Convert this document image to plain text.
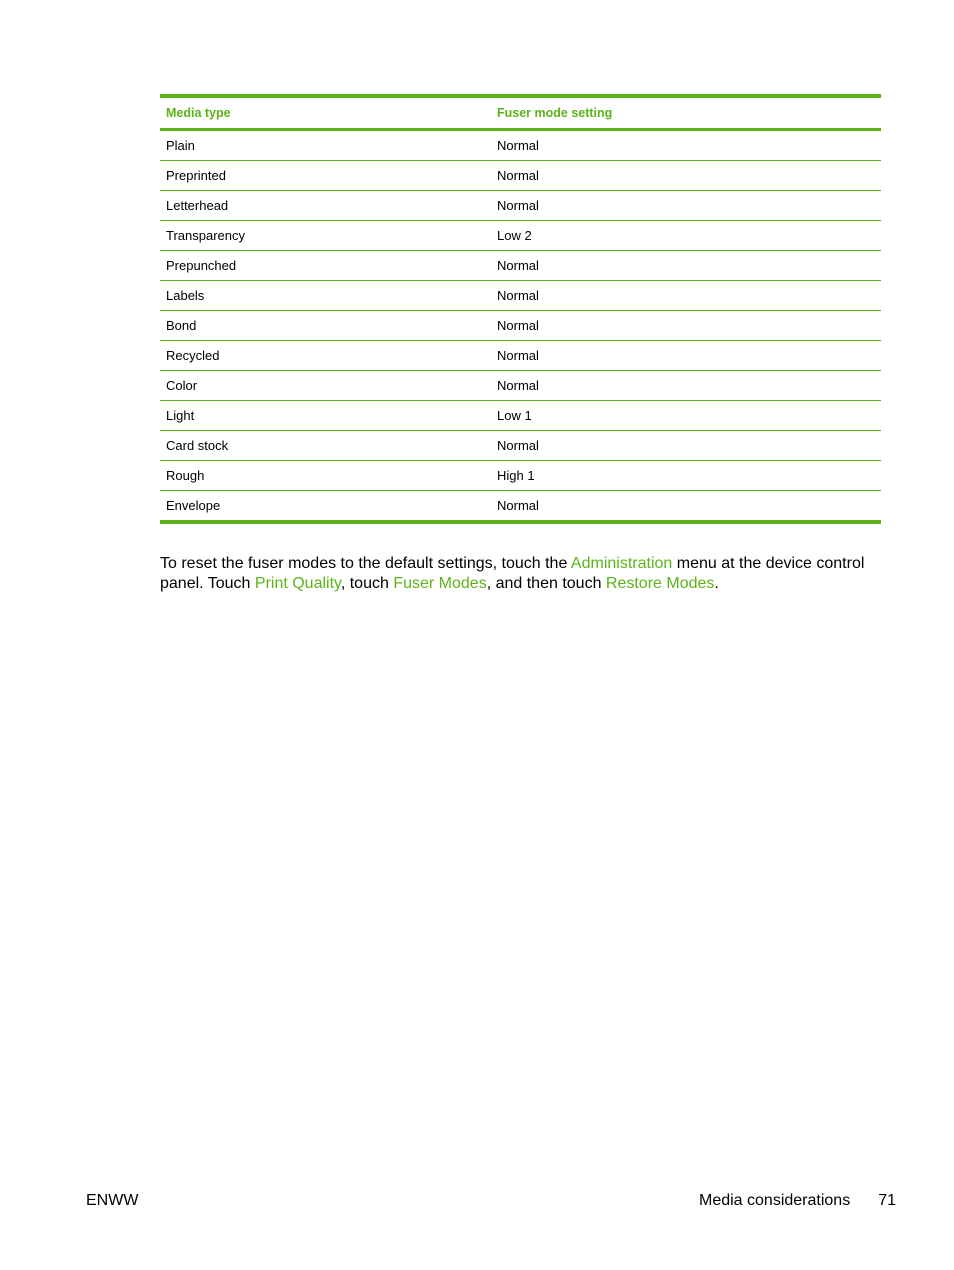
Media type	Fuser mode setting
Plain	Normal
Preprinted	Normal
Letterhead	Normal
Transparency	Low 2
Prepunched	Normal
Labels	Normal
Bond	Normal
Recycled	Normal
Color	Normal
Light	Low 1
Card stock	Normal
Rough	High 1
Envelope	Normal

To reset the fuser modes to the default settings, touch the Administration menu at the device control panel. Touch Print Quality, touch Fuser Modes, and then touch Restore Modes.

ENWW	Media considerations 71
